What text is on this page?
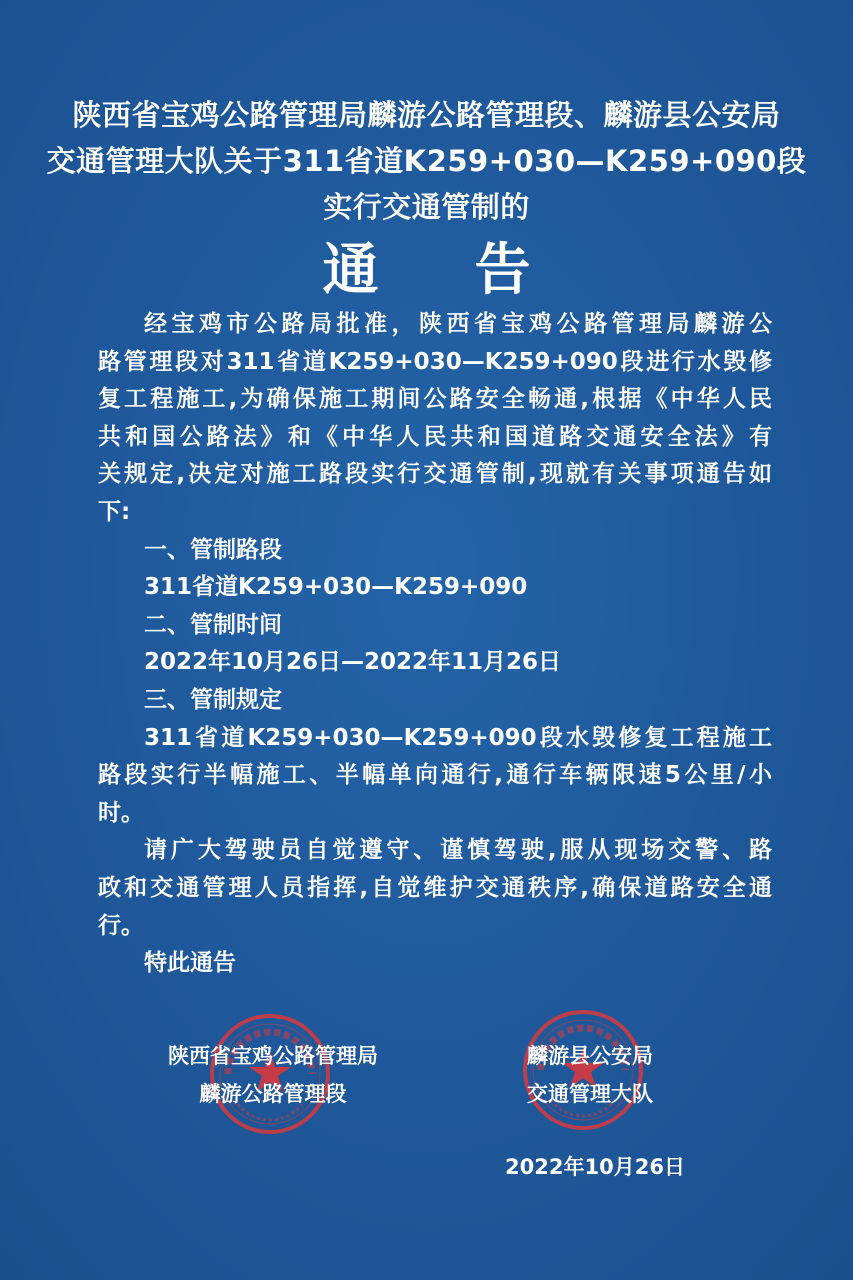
陕西省宝鸡公路管理局麟游公路管理段、麟游县公安局
交通管理大队关于311省道K259+030—K259+090段
实行交通管制的
通告
经宝鸡市公路局批准，陕西省宝鸡公路管理局麟游公
路管理段对311省道K259+030—K259+090段进行水毁修
复工程施工,为确保施工期间公路安全畅通,根据《中华人民
共和国公路法》和《中华人民共和国道路交通安全法》有
关规定,决定对施工路段实行交通管制,现就有关事项通告如
下:
一、管制路段
311省道K259+030—K259+090
二、管制时间
2022年10月26日—2022年11月26日
三、管制规定
311省道K259+030—K259+090段水毁修复工程施工
路段实行半幅施工、半幅单向通行,通行车辆限速5公里/小
时。
请广大驾驶员自觉遵守、谨慎驾驶,服从现场交警、路
政和交通管理人员指挥,自觉维护交通秩序,确保道路安全通
行。
特此通告
陕西省宝鸡公路管理局
麟游公路管理段
麟游县公安局
交通管理大队
2022年10月26日
